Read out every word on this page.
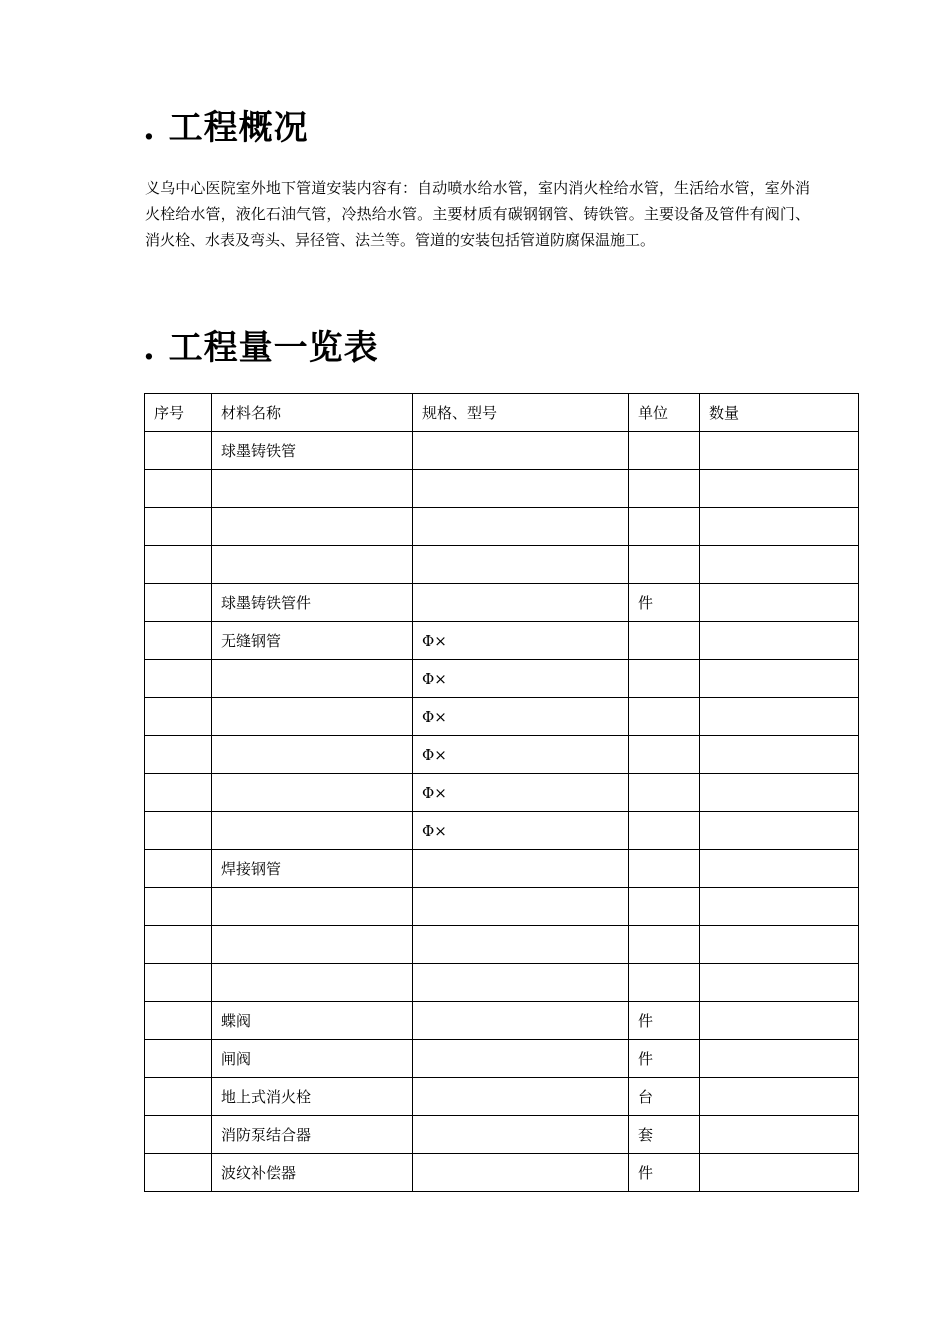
. 工程概况

义乌中心医院室外地下管道安装内容有：自动喷水给水管，室内消火栓给水管，生活给水管，室外消火栓给水管，液化石油气管，冷热给水管。主要材质有碳钢钢管、铸铁管。主要设备及管件有阀门、消火栓、水表及弯头、异径管、法兰等。管道的安装包括管道防腐保温施工。

. 工程量一览表
序号	材料名称	规格、型号	单位	数量
	球墨铸铁管			

	球墨铸铁管件		件	
	无缝钢管	Φ×		
		Φ×		
		Φ×		
		Φ×		
		Φ×		
		Φ×		
	焊接钢管			

	蝶阀		件	
	闸阀		件	
	地上式消火栓		台	
	消防泵结合器		套	
	波纹补偿器		件	
